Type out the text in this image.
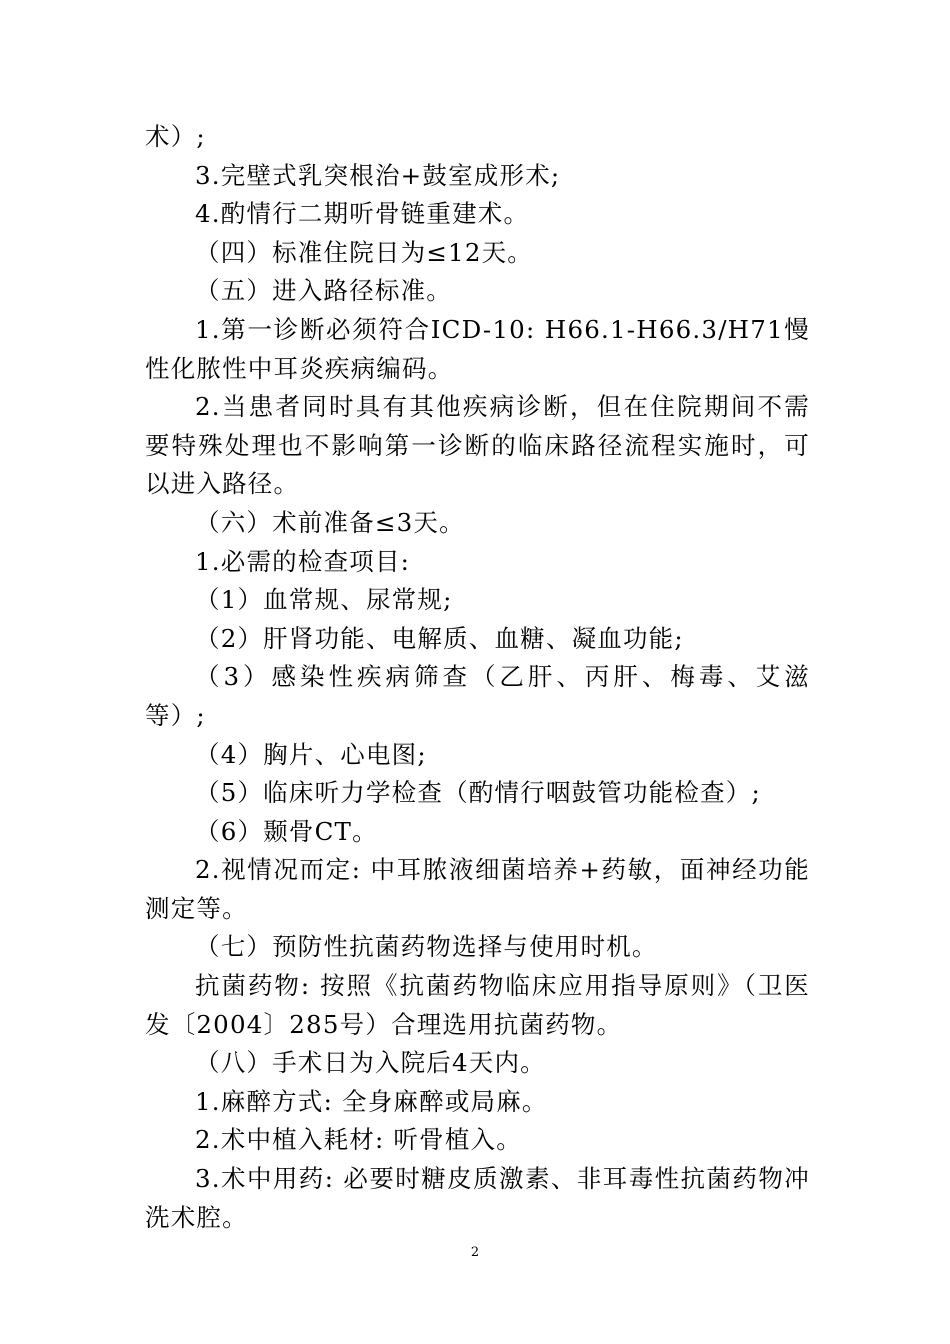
术）;

3.完壁式乳突根治+鼓室成形术;

4.酌情行二期听骨链重建术。

（四）标准住院日为≤12天。

（五）进入路径标准。

1.第一诊断必须符合ICD-10: H66.1-H66.3/H71慢性化脓性中耳炎疾病编码。

2.当患者同时具有其他疾病诊断，但在住院期间不需要特殊处理也不影响第一诊断的临床路径流程实施时，可以进入路径。

（六）术前准备≤3天。

1.必需的检查项目:

（1）血常规、尿常规;

（2）肝肾功能、电解质、血糖、凝血功能;

（3）感染性疾病筛查（乙肝、丙肝、梅毒、艾滋等）;

（4）胸片、心电图;

（5）临床听力学检查（酌情行咽鼓管功能检查）;

（6）颞骨CT。

2.视情况而定: 中耳脓液细菌培养+药敏，面神经功能测定等。

（七）预防性抗菌药物选择与使用时机。

抗菌药物: 按照《抗菌药物临床应用指导原则》（卫医发〔2004〕285号）合理选用抗菌药物。

（八）手术日为入院后4天内。

1.麻醉方式: 全身麻醉或局麻。

2.术中植入耗材: 听骨植入。

3.术中用药: 必要时糖皮质激素、非耳毒性抗菌药物冲洗术腔。

2
